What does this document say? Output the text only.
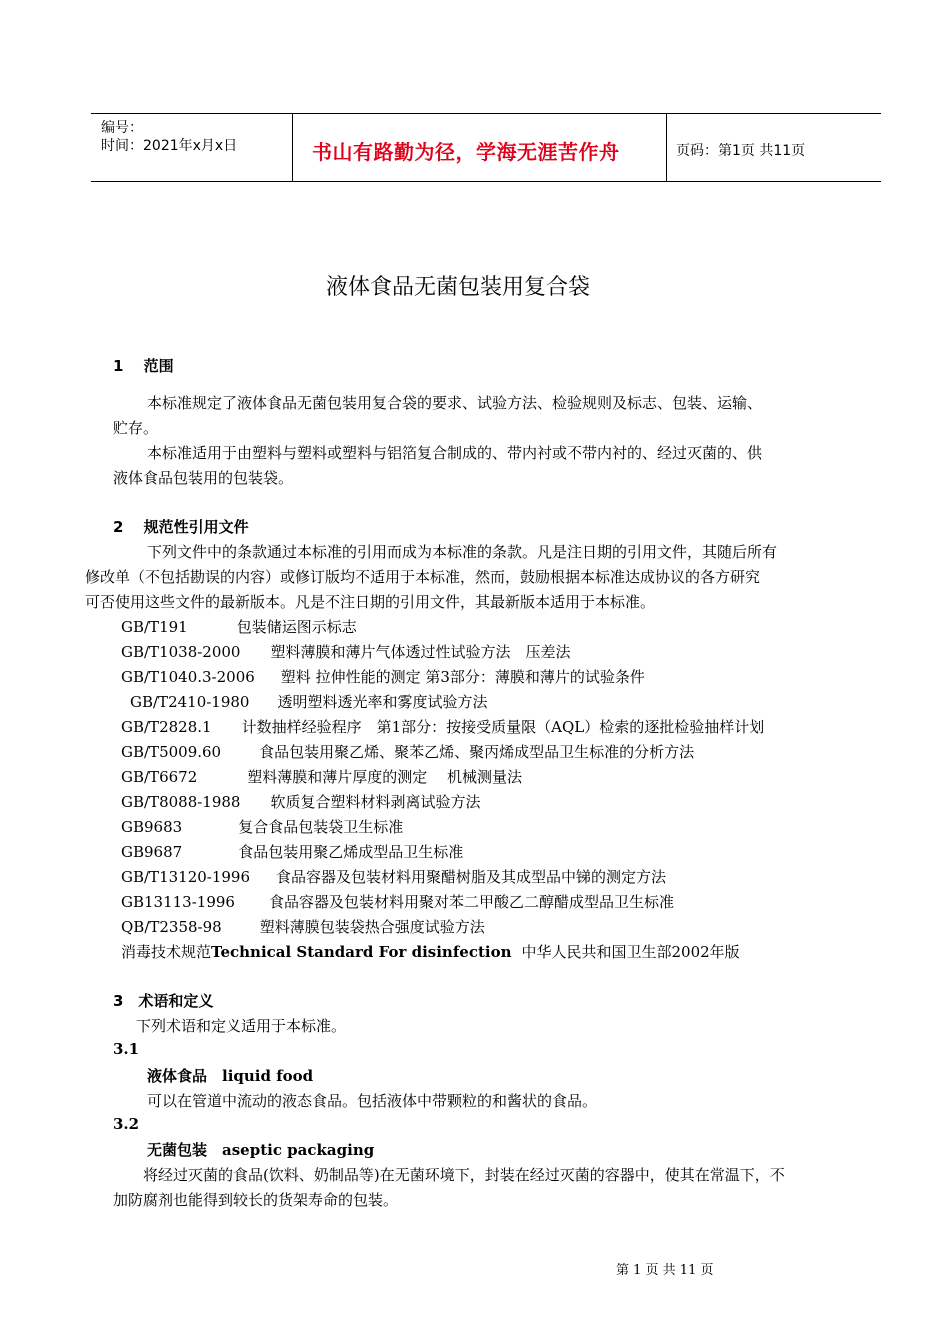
编号：
时间：2021年x月x日	书山有路勤为径，学海无涯苦作舟	页码：第1页 共11页
液体食品无菌包装用复合袋
1　 范围
本标准规定了液体食品无菌包装用复合袋的要求、试验方法、检验规则及标志、包装、运输、
贮存。
本标准适用于由塑料与塑料或塑料与铝箔复合制成的、带内衬或不带内衬的、经过灭菌的、供
液体食品包装用的包装袋。
2　 规范性引用文件
下列文件中的条款通过本标准的引用而成为本标准的条款。凡是注日期的引用文件，其随后所有
修改单（不包括勘误的内容）或修订版均不适用于本标准，然而，鼓励根据本标准达成协议的各方研究
可否使用这些文件的最新版本。凡是不注日期的引用文件，其最新版本适用于本标准。
GB/T191	包装储运图示标志
GB/T1038-2000 塑料薄膜和薄片气体透过性试验方法　压差法
GB/T1040.3-2006 塑料 拉伸性能的测定 第3部分：薄膜和薄片的试验条件
GB/T2410-1980 透明塑料透光率和雾度试验方法
GB/T2828.1 计数抽样经验程序　第1部分：按接受质量限（AQL）检索的逐批检验抽样计划
GB/T5009.60	食品包装用聚乙烯、聚苯乙烯、聚丙烯成型品卫生标准的分析方法
GB/T6672	塑料薄膜和薄片厚度的测定　 机械测量法
GB/T8088-1988 软质复合塑料材料剥离试验方法
GB9683	复合食品包装袋卫生标准
GB9687	食品包装用聚乙烯成型品卫生标准
GB/T13120-1996 食品容器及包装材料用聚醋树脂及其成型品中锑的测定方法
GB13113-1996 食品容器及包装材料用聚对苯二甲酸乙二醇醋成型品卫生标准
QB/T2358-98	塑料薄膜包装袋热合强度试验方法
消毒技术规范Technical Standard For disinfection 中华人民共和国卫生部2002年版
3　术语和定义
下列术语和定义适用于本标准。
3.1
液体食品　liquid food
可以在管道中流动的液态食品。包括液体中带颗粒的和酱状的食品。
3.2
无菌包装　aseptic packaging
将经过灭菌的食品(饮料、奶制品等)在无菌环境下，封装在经过灭菌的容器中，使其在常温下，不
加防腐剂也能得到较长的货架寿命的包装。
第 1 页 共 11 页
